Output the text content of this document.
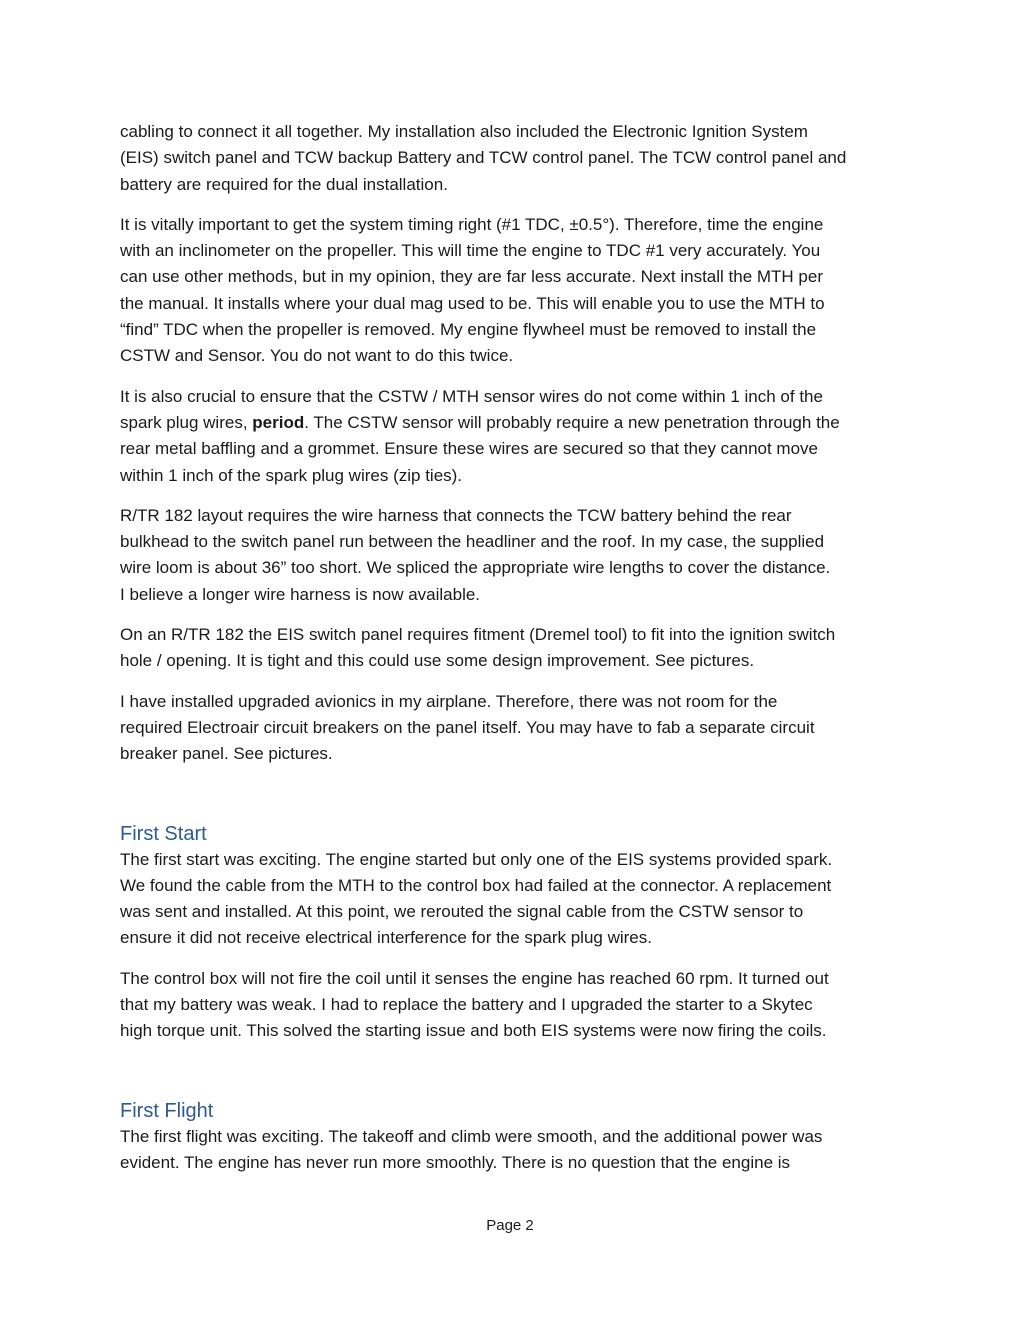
cabling to connect it all together. My installation also included the Electronic Ignition System
(EIS) switch panel and TCW backup Battery and TCW control panel. The TCW control panel and
battery are required for the dual installation.

It is vitally important to get the system timing right (#1 TDC, ±0.5°). Therefore, time the engine
with an inclinometer on the propeller. This will time the engine to TDC #1 very accurately. You
can use other methods, but in my opinion, they are far less accurate. Next install the MTH per
the manual. It installs where your dual mag used to be. This will enable you to use the MTH to
“find” TDC when the propeller is removed. My engine flywheel must be removed to install the
CSTW and Sensor. You do not want to do this twice.

It is also crucial to ensure that the CSTW / MTH sensor wires do not come within 1 inch of the
spark plug wires, period. The CSTW sensor will probably require a new penetration through the
rear metal baffling and a grommet. Ensure these wires are secured so that they cannot move
within 1 inch of the spark plug wires (zip ties).

R/TR 182 layout requires the wire harness that connects the TCW battery behind the rear
bulkhead to the switch panel run between the headliner and the roof. In my case, the supplied
wire loom is about 36” too short. We spliced the appropriate wire lengths to cover the distance.
I believe a longer wire harness is now available.

On an R/TR 182 the EIS switch panel requires fitment (Dremel tool) to fit into the ignition switch
hole / opening. It is tight and this could use some design improvement. See pictures.

I have installed upgraded avionics in my airplane. Therefore, there was not room for the
required Electroair circuit breakers on the panel itself. You may have to fab a separate circuit
breaker panel. See pictures.

First Start

The first start was exciting. The engine started but only one of the EIS systems provided spark.
We found the cable from the MTH to the control box had failed at the connector. A replacement
was sent and installed. At this point, we rerouted the signal cable from the CSTW sensor to
ensure it did not receive electrical interference for the spark plug wires.

The control box will not fire the coil until it senses the engine has reached 60 rpm. It turned out
that my battery was weak. I had to replace the battery and I upgraded the starter to a Skytec
high torque unit. This solved the starting issue and both EIS systems were now firing the coils.

First Flight

The first flight was exciting. The takeoff and climb were smooth, and the additional power was
evident. The engine has never run more smoothly. There is no question that the engine is

Page 2
